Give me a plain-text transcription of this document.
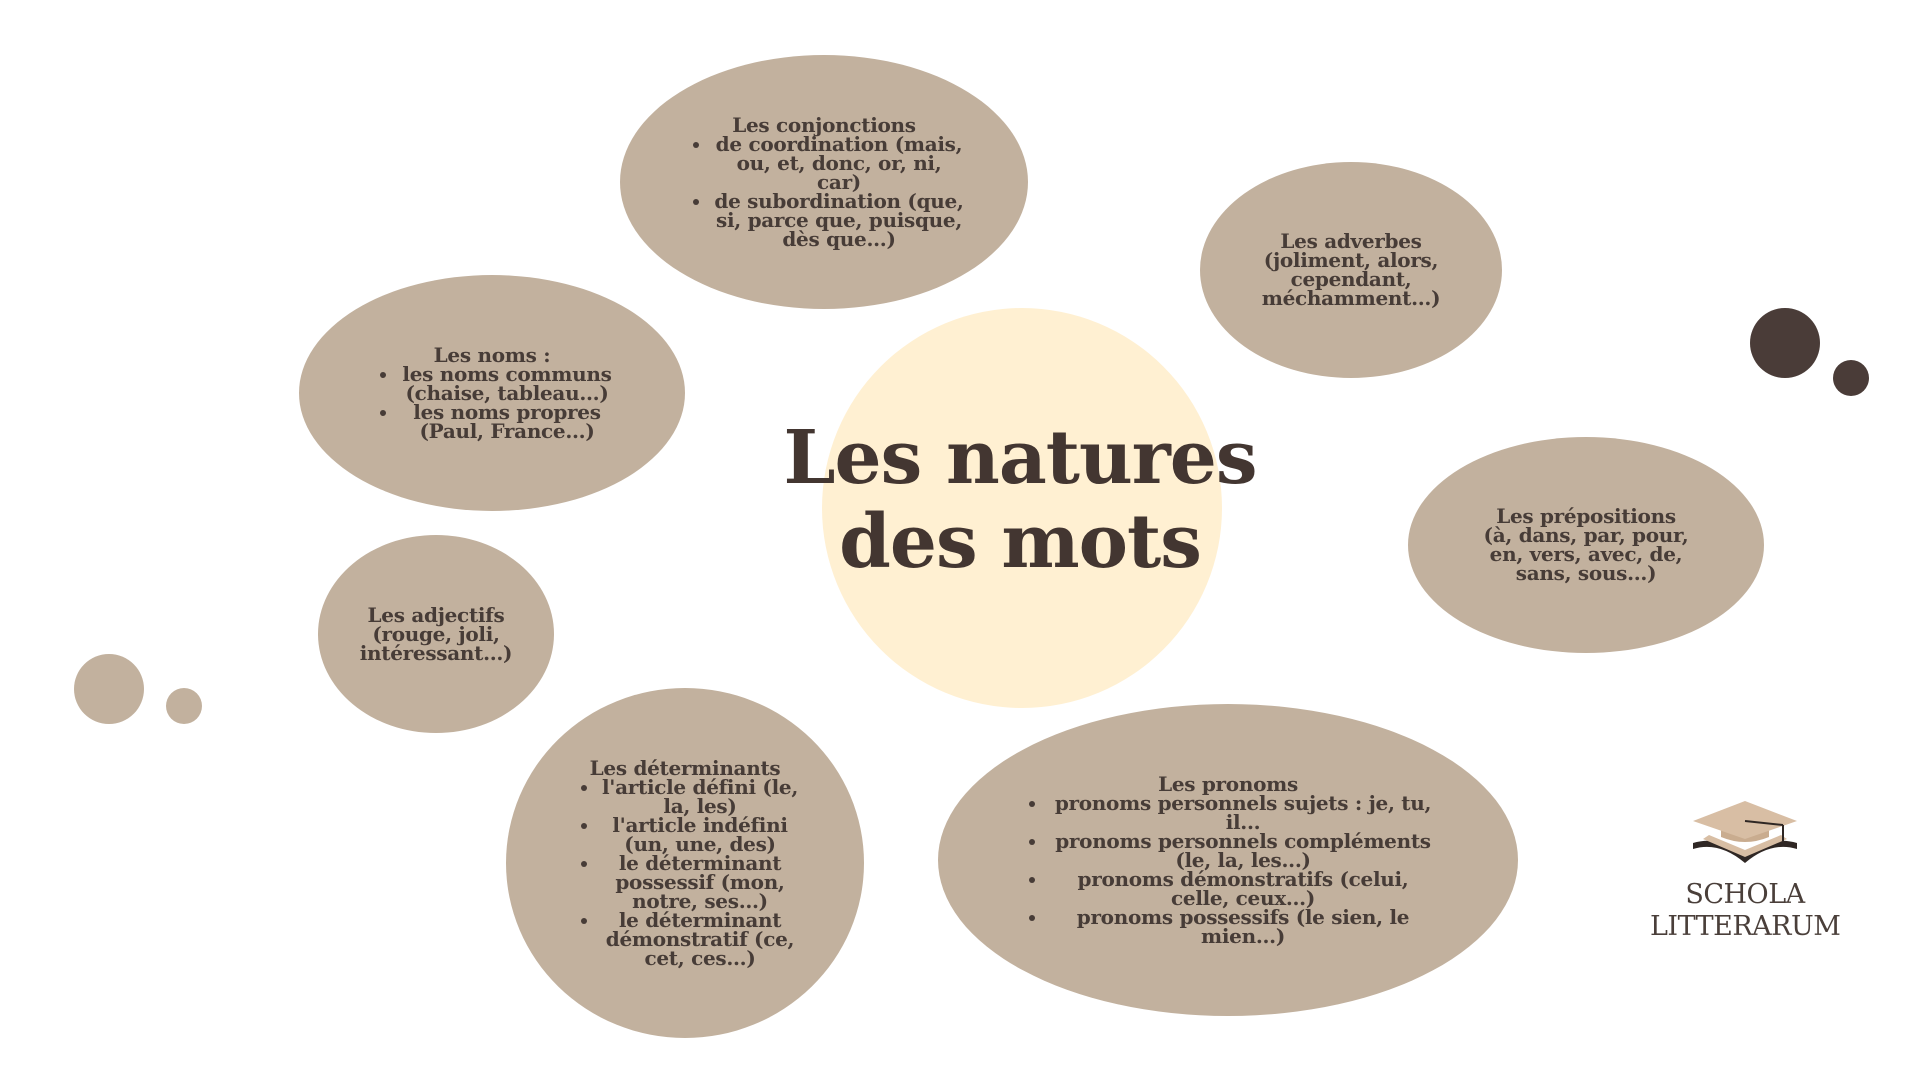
Les natures des mots
Les conjonctions
• de coordination (mais, ou, et, donc, or, ni, car)
• de subordination (que, si, parce que, puisque, dès que...)	Les adverbes
(joliment, alors, cependant, méchamment...)
Les noms :
• les noms communs (chaise, tableau...)
• les noms propres (Paul, France...)
Les prépositions
(à, dans, par, pour, en, vers, avec, de, sans, sous...)
Les adjectifs
(rouge, joli, intéressant...)
Les déterminants
• l'article défini (le, la, les)
• l'article indéfini (un, une, des)
• le déterminant possessif (mon, notre, ses...)
• le déterminant démonstratif (ce, cet, ces...)
Les pronoms
• pronoms personnels sujets : je, tu, il...
• pronoms personnels compléments (le, la, les...)
• pronoms démonstratifs (celui, celle, ceux...)
• pronoms possessifs (le sien, le mien...)
SCHOLA
LITTERARUM
